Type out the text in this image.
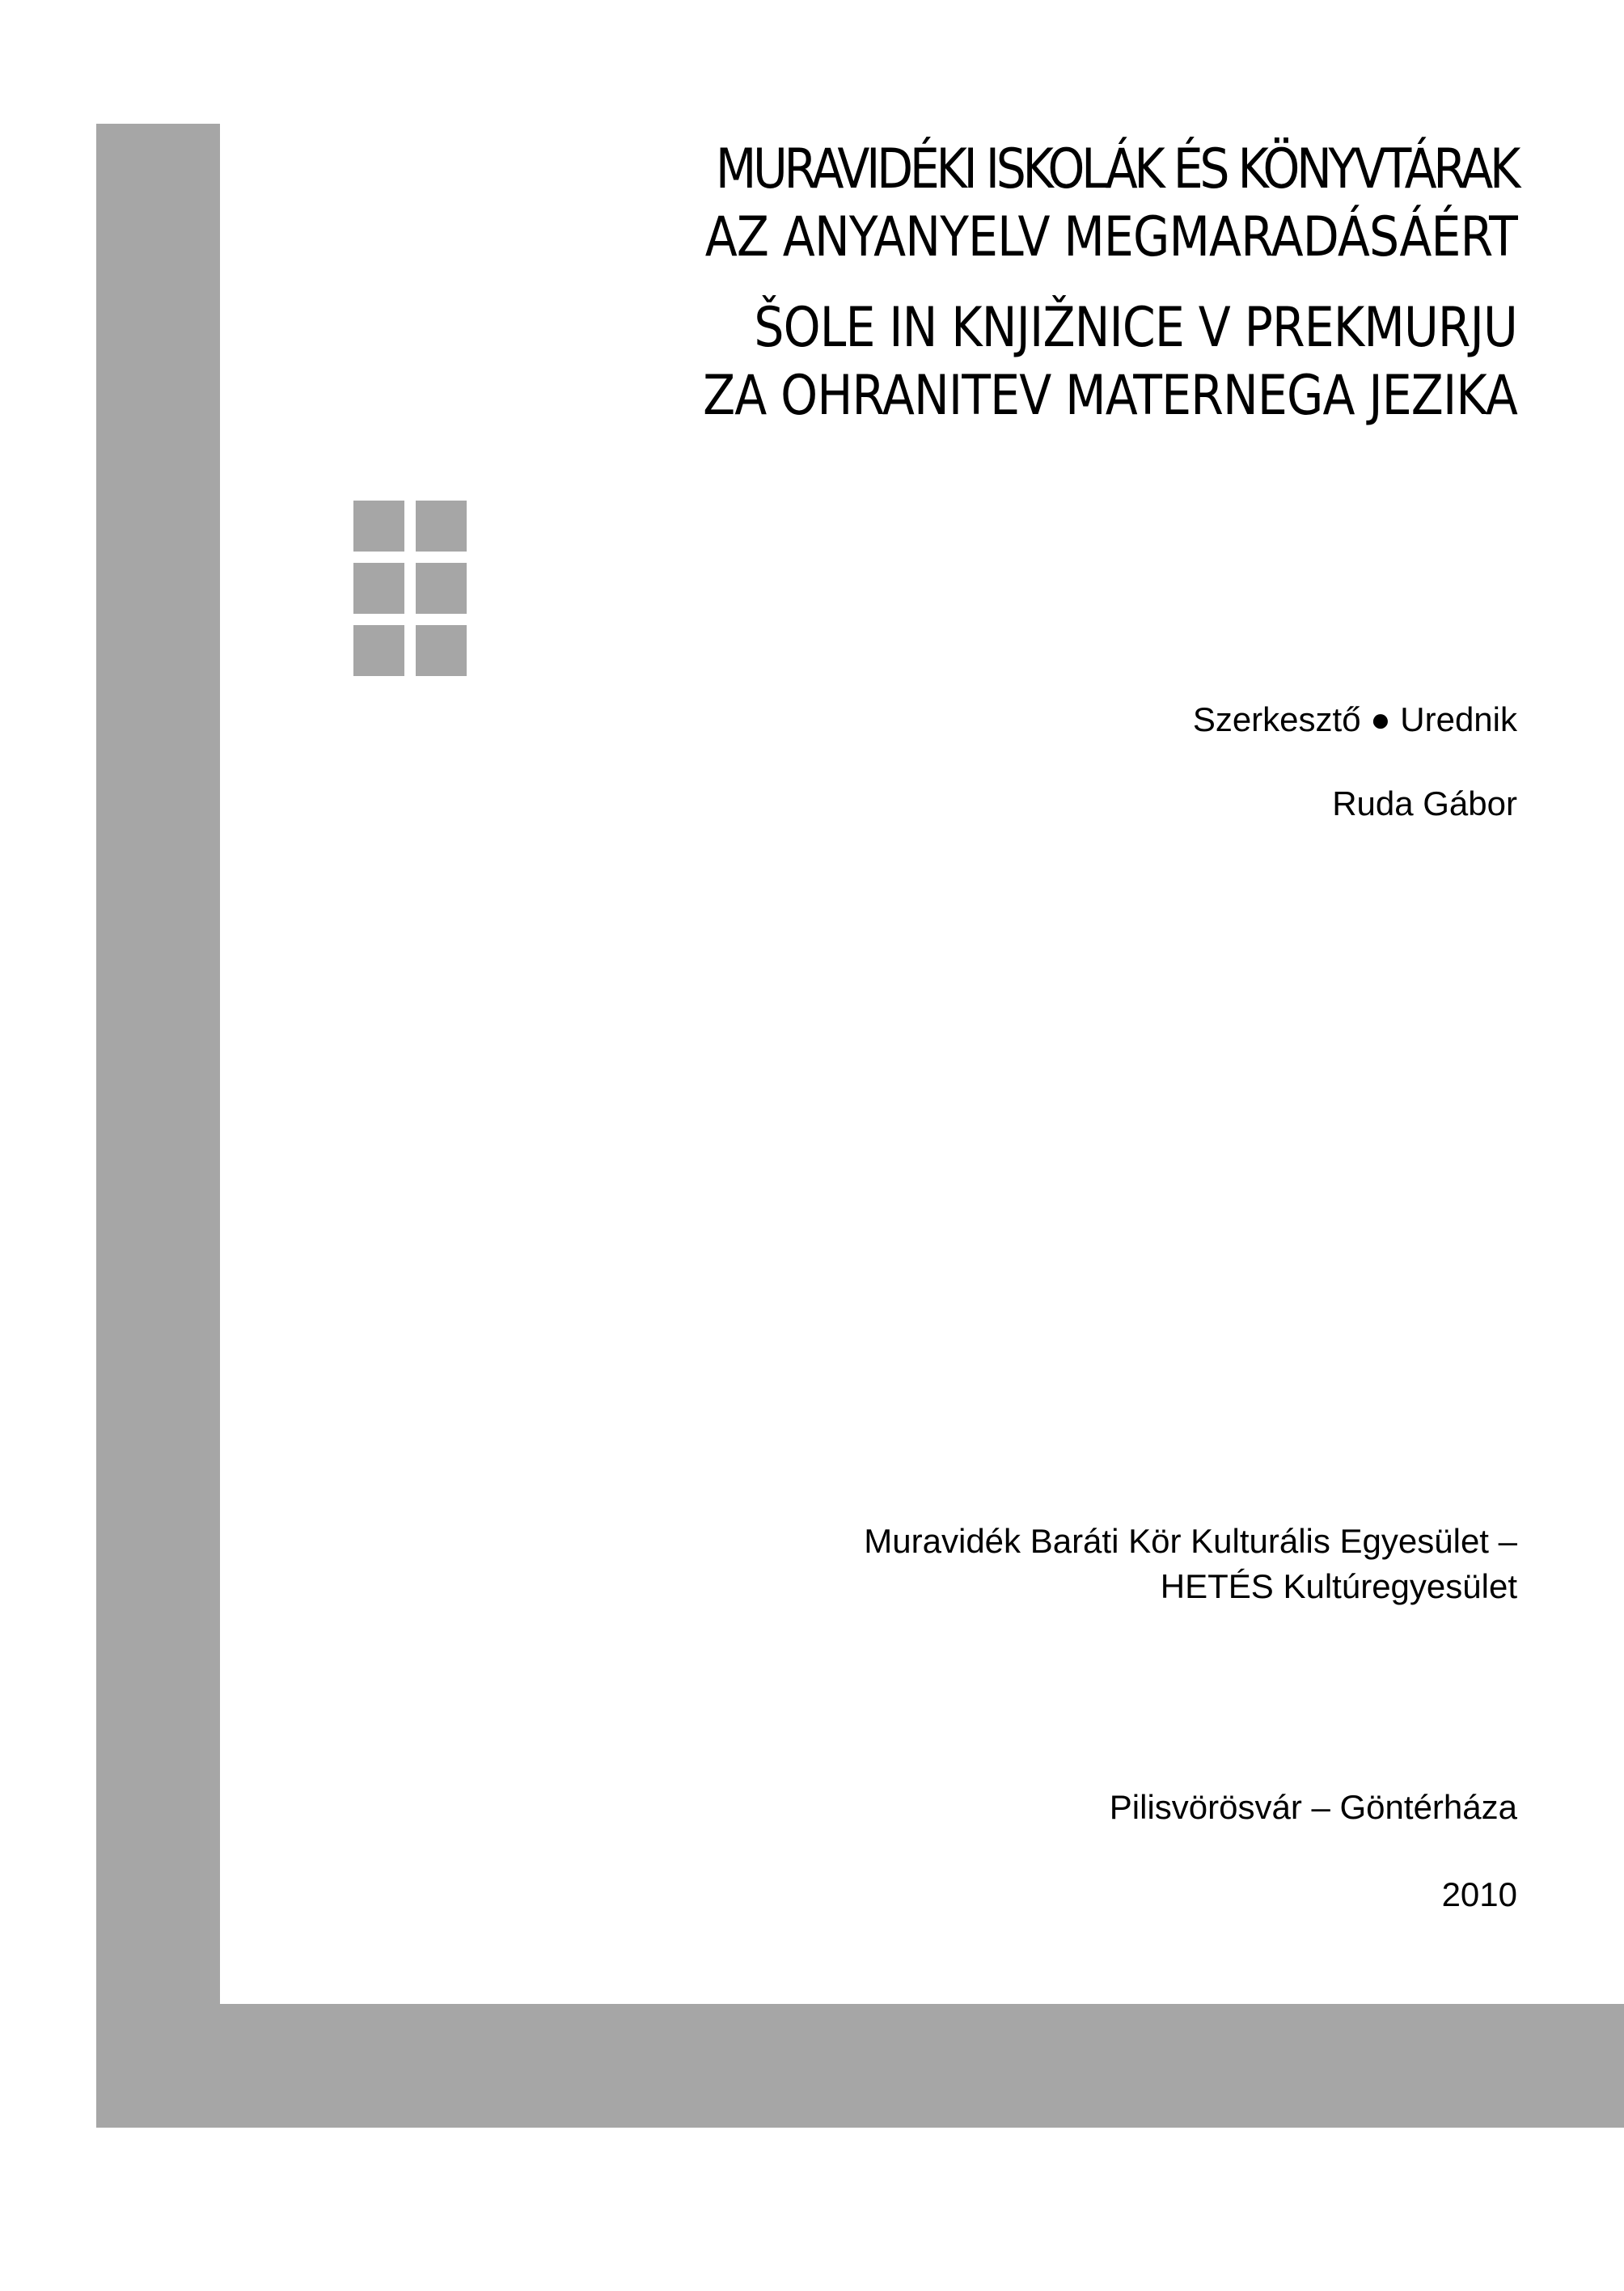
MURAVIDÉKI ISKOLÁK ÉS KÖNYVTÁRAK
AZ ANYANYELV MEGMARADÁSÁÉRT
ŠOLE IN KNJIŽNICE V PREKMURJU
ZA OHRANITEV MATERNEGA JEZIKA
Szerkesztő ● Urednik
Ruda Gábor
Muravidék Baráti Kör Kulturális Egyesület –
HETÉS Kultúregyesület
Pilisvörösvár – Göntérháza
2010
